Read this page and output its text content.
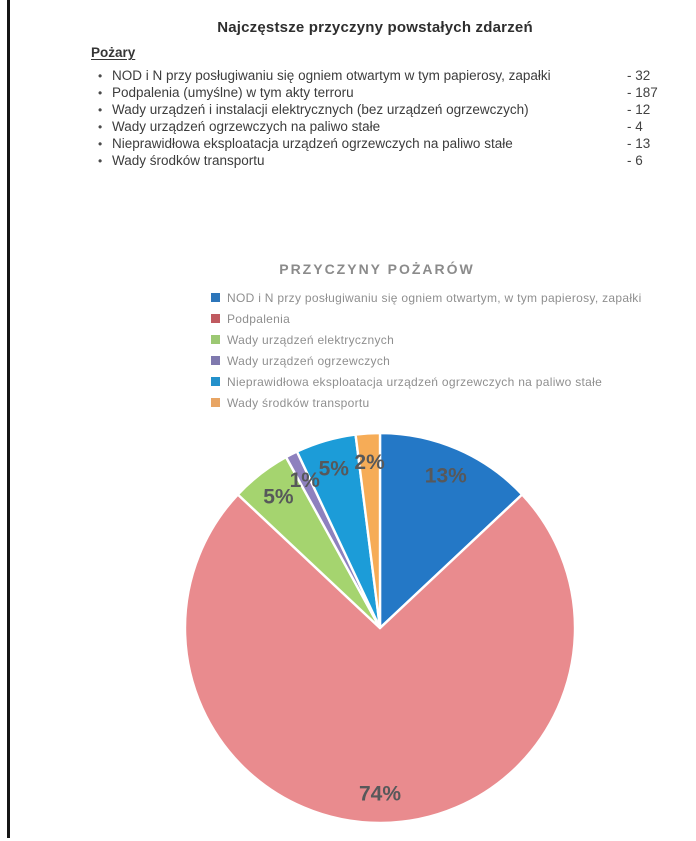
Najczęstsze przyczyny powstałych zdarzeń
Pożary
• NOD i N przy posługiwaniu się ogniem otwartym w tym papierosy, zapałki	- 32
• Podpalenia (umyślne) w tym akty terroru	- 187
• Wady urządzeń i instalacji elektrycznych (bez urządzeń ogrzewczych)	- 12
• Wady urządzeń ogrzewczych na paliwo stałe	- 4
• Nieprawidłowa eksploatacja urządzeń ogrzewczych na paliwo stałe	- 13
• Wady środków transportu	- 6
PRZYCZYNY POŻARÓW
NOD i N przy posługiwaniu się ogniem otwartym, w tym papierosy, zapałki
Podpalenia
Wady urządzeń elektrycznych
Wady urządzeń ogrzewczych
Nieprawidłowa eksploatacja urządzeń ogrzewczych na paliwo stałe
Wady środków transportu
13%
74%
5%
1%
5% 2%
